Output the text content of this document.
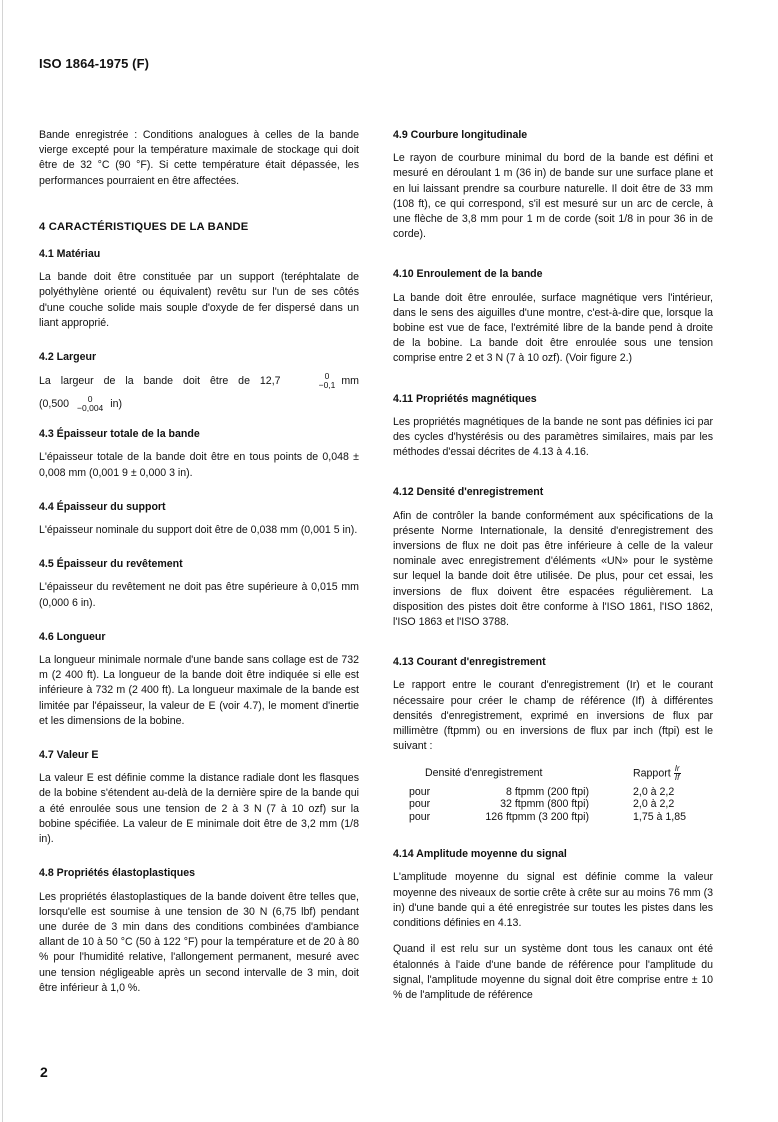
ISO 1864-1975 (F)

Bande enregistrée : Conditions analogues à celles de la bande vierge excepté pour la température maximale de stockage qui doit être de 32 °C (90 °F). Si cette température était dépassée, les performances pourraient en être affectées.

4 CARACTÉRISTIQUES DE LA BANDE

4.1 Matériau

La bande doit être constituée par un support (teréphtalate de polyéthylène orienté ou équivalent) revêtu sur l'un de ses côtés d'une couche solide mais souple d'oxyde de fer dispersé dans un liant approprié.

4.2 Largeur

La largeur de la bande doit être de 12,7	0
−0,1 mm
(0,500	0
−0,004 in)

4.3 Épaisseur totale de la bande

L'épaisseur totale de la bande doit être en tous points de 0,048 ± 0,008 mm (0,001 9 ± 0,000 3 in).

4.4 Épaisseur du support

L'épaisseur nominale du support doit être de 0,038 mm (0,001 5 in).

4.5 Épaisseur du revêtement

L'épaisseur du revêtement ne doit pas être supérieure à 0,015 mm (0,000 6 in).

4.6 Longueur

La longueur minimale normale d'une bande sans collage est de 732 m (2 400 ft). La longueur de la bande doit être indiquée si elle est inférieure à 732 m (2 400 ft). La longueur maximale de la bande est limitée par l'épaisseur, la valeur de E (voir 4.7), le moment d'inertie et les dimensions de la bobine.

4.7 Valeur E

La valeur E est définie comme la distance radiale dont les flasques de la bobine s'étendent au-delà de la dernière spire de la bande qui a été enroulée sous une tension de 2 à 3 N (7 à 10 ozf) sur la bobine spécifiée. La valeur de E minimale doit être de 3,2 mm (1/8 in).

4.8 Propriétés élastoplastiques

Les propriétés élastoplastiques de la bande doivent être telles que, lorsqu'elle est soumise à une tension de 30 N (6,75 lbf) pendant une durée de 3 min dans des conditions combinées d'ambiance allant de 10 à 50 °C (50 à 122 °F) pour la température et de 20 à 80 % pour l'humidité relative, l'allongement permanent, mesuré avec une tension négligeable après un second intervalle de 3 min, doit être inférieur à 1,0 %.

4.9 Courbure longitudinale

Le rayon de courbure minimal du bord de la bande est défini et mesuré en déroulant 1 m (36 in) de bande sur une surface plane et en lui laissant prendre sa courbure naturelle. Il doit être de 33 mm (108 ft), ce qui correspond, s'il est mesuré sur un arc de cercle, à une flèche de 3,8 mm pour 1 m de corde (soit 1/8 in pour 36 in de corde).

4.10 Enroulement de la bande

La bande doit être enroulée, surface magnétique vers l'intérieur, dans le sens des aiguilles d'une montre, c'est-à-dire que, lorsque la bobine est vue de face, l'extrémité libre de la bande pend à droite de la bobine. La bande doit être enroulée sous une tension comprise entre 2 et 3 N (7 à 10 ozf). (Voir figure 2.)

4.11 Propriétés magnétiques

Les propriétés magnétiques de la bande ne sont pas définies ici par des cycles d'hystérésis ou des paramètres similaires, mais par les méthodes d'essai décrites de 4.13 à 4.16.

4.12 Densité d'enregistrement

Afin de contrôler la bande conformément aux spécifications de la présente Norme Internationale, la densité d'enregistrement des inversions de flux ne doit pas être inférieure à celle de la valeur nominale avec enregistrement d'éléments «UN» pour le système sur lequel la bande doit être utilisée. De plus, pour cet essai, les inversions de flux doivent être espacées régulièrement. La disposition des pistes doit être conforme à l'ISO 1861, l'ISO 1862, l'ISO 1863 et l'ISO 3788.

4.13 Courant d'enregistrement

Le rapport entre le courant d'enregistrement (Ir) et le courant nécessaire pour créer le champ de référence (If) à différentes densités d'enregistrement, exprimé en inversions de flux par millimètre (ftpmm) ou en inversions de flux par inch (ftpi) est le suivant :

Densité d'enregistrement		Rapport $\frac{Ir}{If}$

pour	8 ftpmm (200 ftpi)	2,0 à 2,2
pour	32 ftpmm (800 ftpi)	2,0 à 2,2
pour	126 ftpmm (3 200 ftpi)	1,75 à 1,85

4.14 Amplitude moyenne du signal

L'amplitude moyenne du signal est définie comme la valeur moyenne des niveaux de sortie crête à crête sur au moins 76 mm (3 in) d'une bande qui a été enregistrée sur toutes les pistes dans les conditions définies en 4.13.

Quand il est relu sur un système dont tous les canaux ont été étalonnés à l'aide d'une bande de référence pour l'amplitude du signal, l'amplitude moyenne du signal doit être comprise entre ± 10 % de l'amplitude de référence

2
